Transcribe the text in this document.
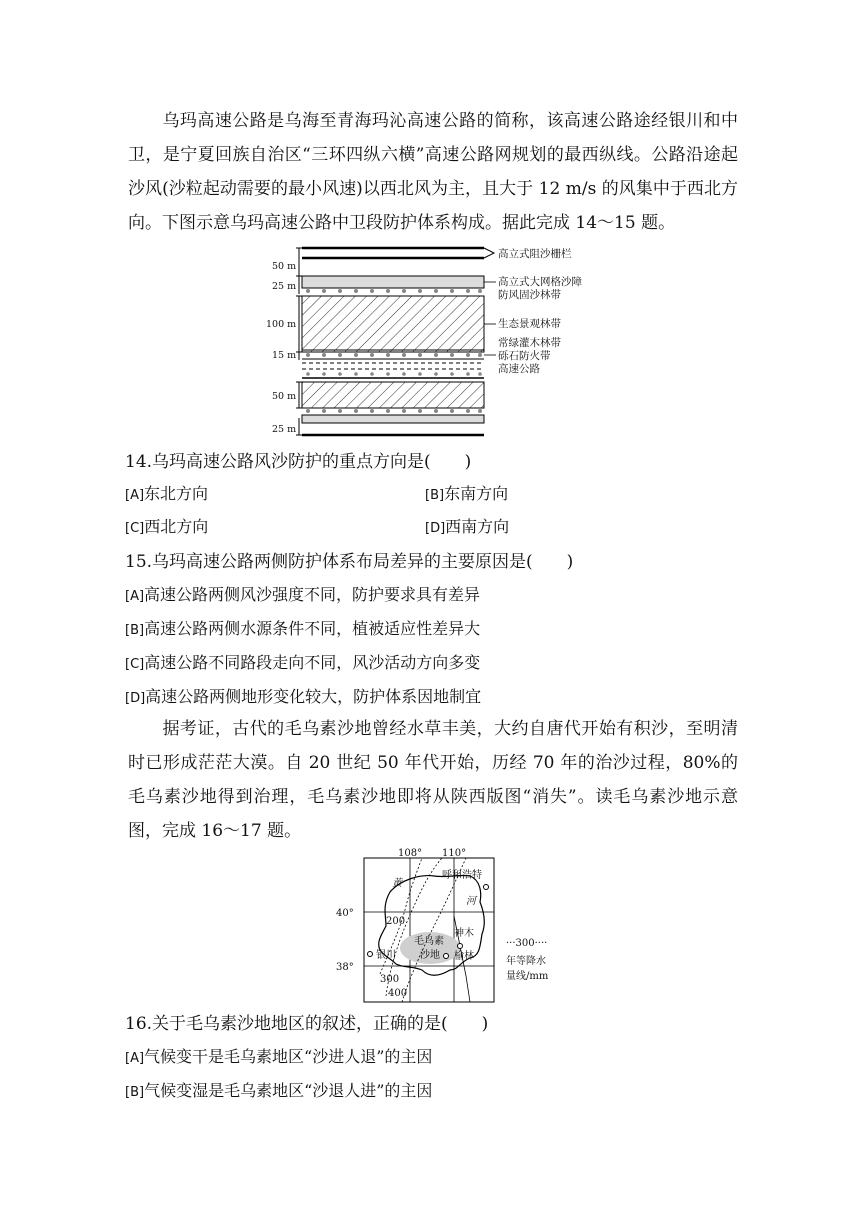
乌玛高速公路是乌海至青海玛沁高速公路的简称，该高速公路途经银川和中卫，是宁夏回族自治区“三环四纵六横”高速公路网规划的最西纵线。公路沿途起沙风(沙粒起动需要的最小风速)以西北风为主，且大于 12 m/s 的风集中于西北方向。下图示意乌玛高速公路中卫段防护体系构成。据此完成 14～15 题。

50 m
25 m
100 m
15 m
50 m
25 m
高立式阻沙栅栏
高立式大网格沙障
防风固沙林带
生态景观林带
常绿灌木林带
砾石防火带
高速公路

14.乌玛高速公路风沙防护的重点方向是(　　)

[A]东北方向	[B]东南方向
[C]西北方向	[D]西南方向

15.乌玛高速公路两侧防护体系布局差异的主要原因是(　　)

[A]高速公路两侧风沙强度不同，防护要求具有差异
[B]高速公路两侧水源条件不同，植被适应性差异大
[C]高速公路不同路段走向不同，风沙活动方向多变
[D]高速公路两侧地形变化较大，防护体系因地制宜

据考证，古代的毛乌素沙地曾经水草丰美，大约自唐代开始有积沙，至明清时已形成茫茫大漠。自 20 世纪 50 年代开始，历经 70 年的治沙过程，80%的毛乌素沙地得到治理，毛乌素沙地即将从陕西版图“消失”。读毛乌素沙地示意图，完成 16～17 题。

108° 110°
40°
38°
黄
河
呼和浩特
毛乌素
沙地
神木
榆林
银川
200
300
400
···300····
年等降水
量线/mm

16.关于毛乌素沙地地区的叙述，正确的是(　　)

[A]气候变干是毛乌素地区“沙进人退”的主因
[B]气候变湿是毛乌素地区“沙退人进”的主因
